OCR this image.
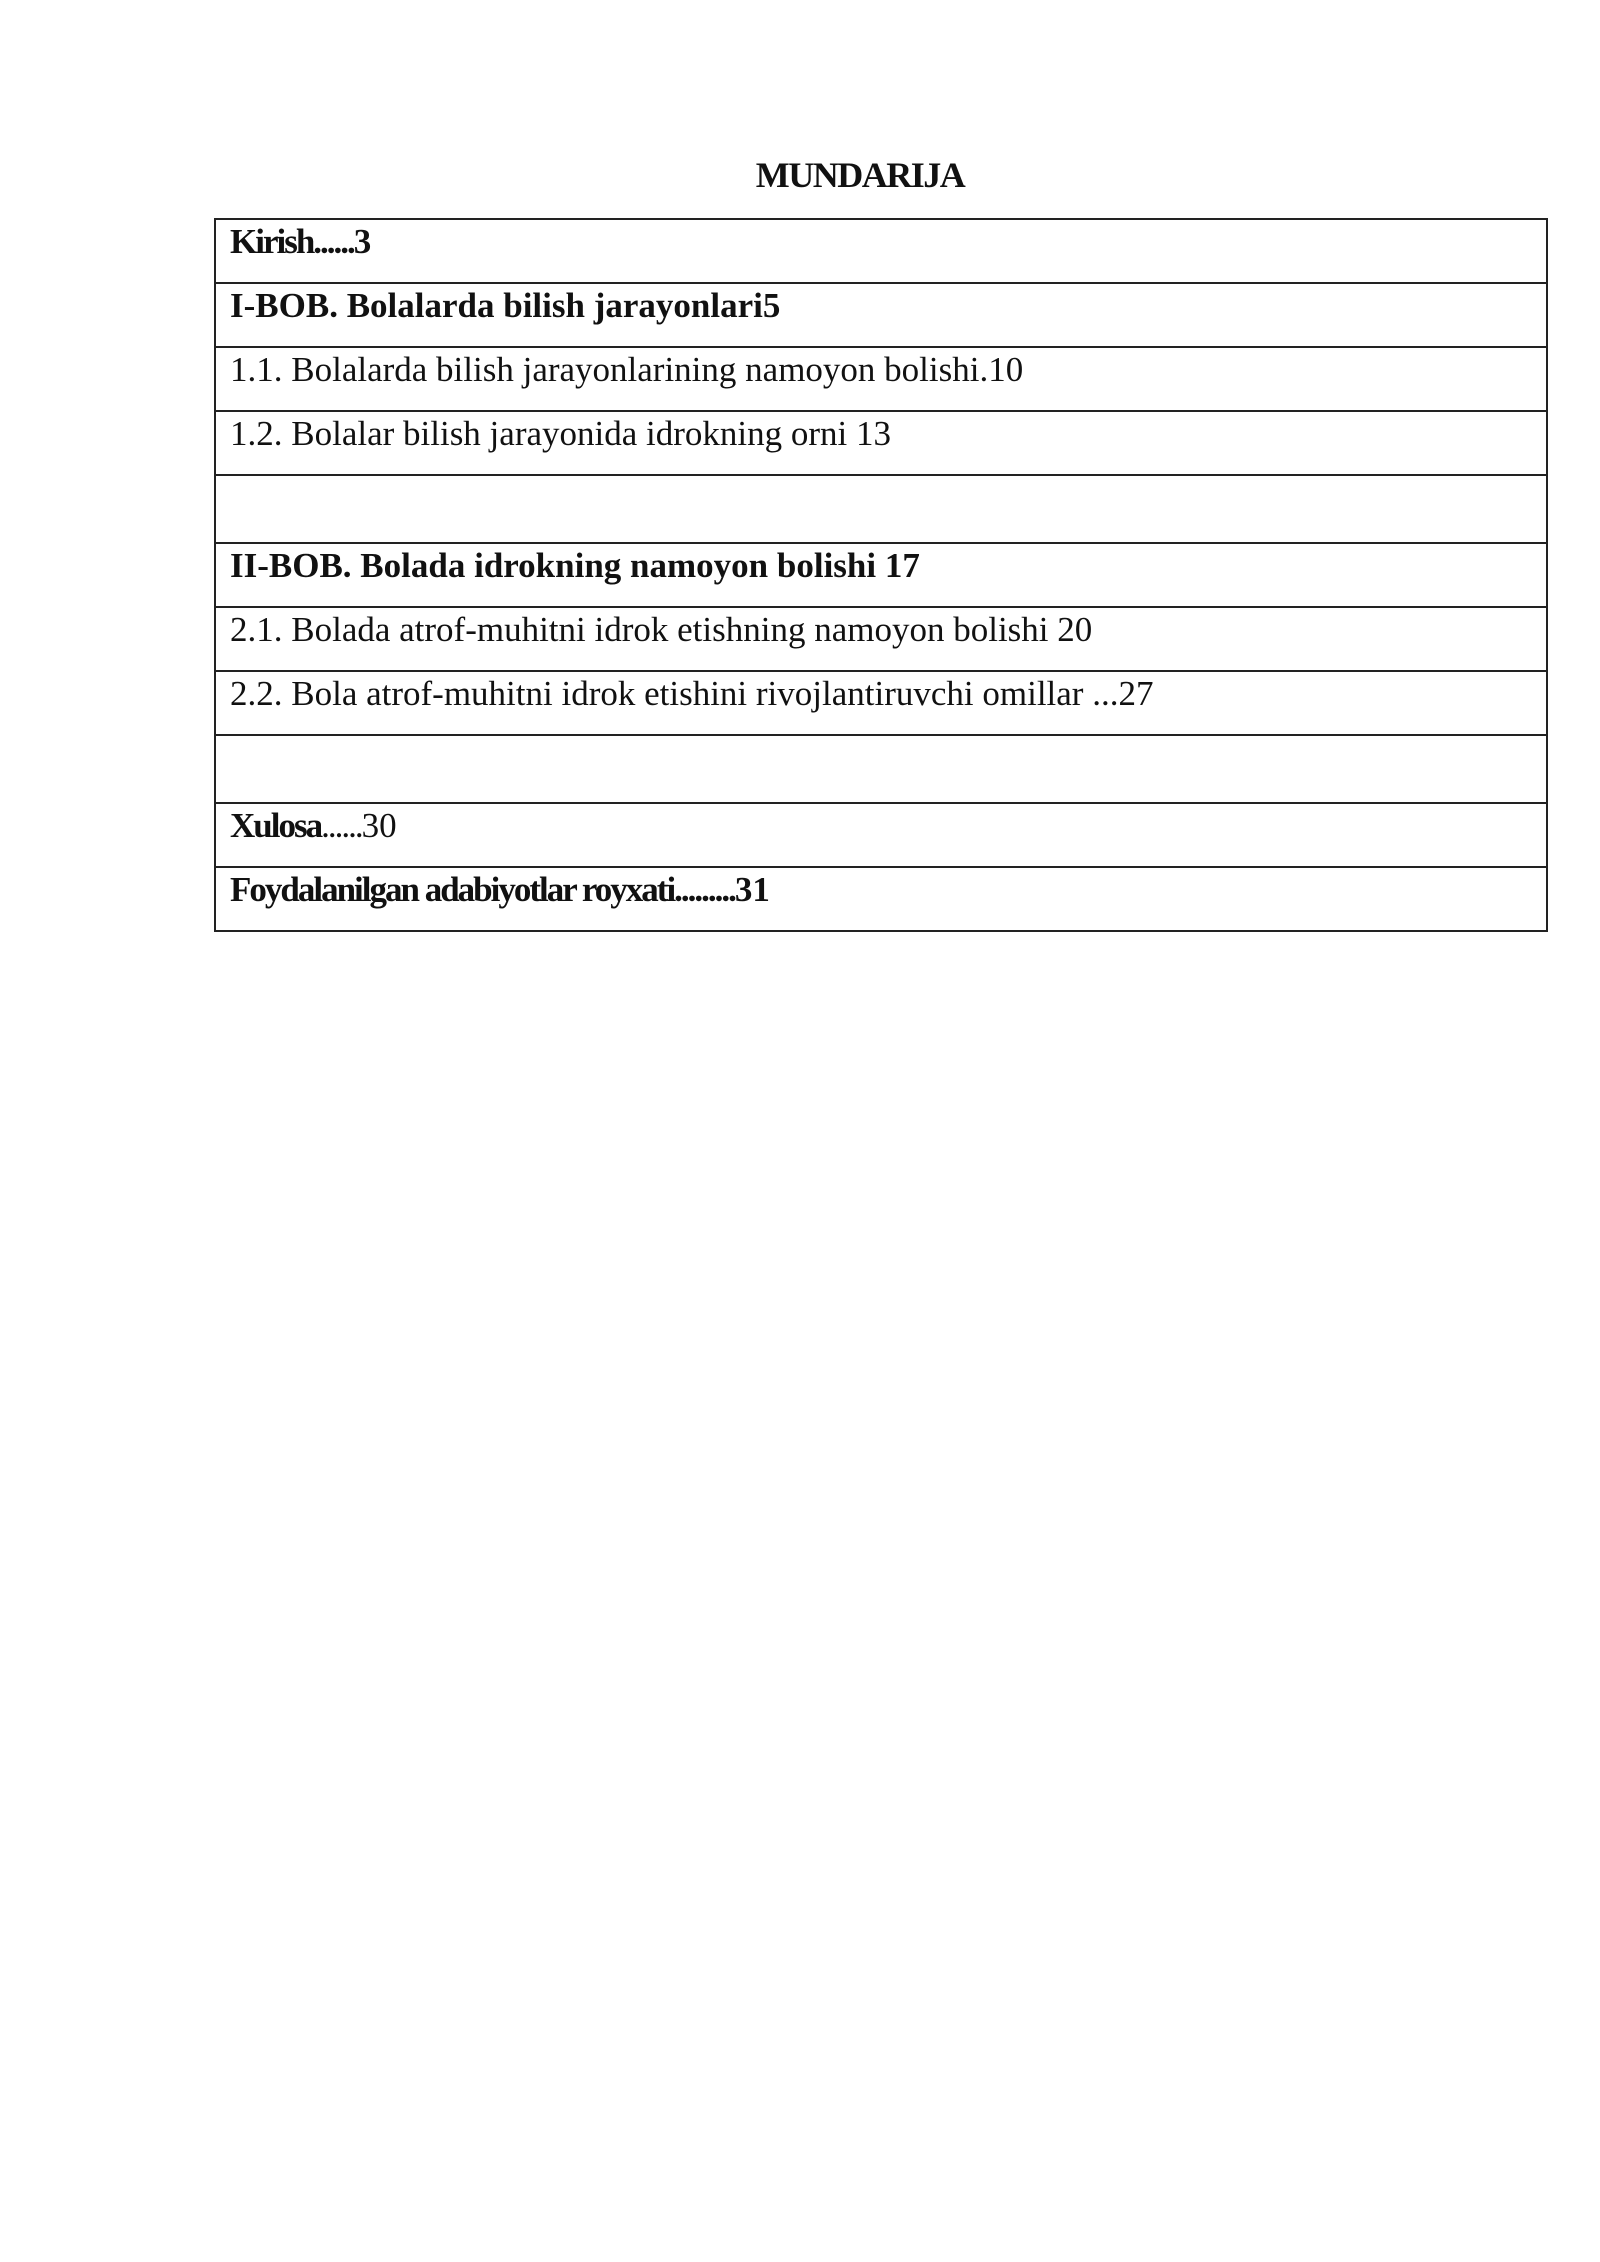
MUNDARIJA
Kirish......3
I-BOB. Bolalarda bilish jarayonlari5
1.1. Bolalarda bilish jarayonlarining namoyon bolishi.10
1.2. Bolalar bilish jarayonida idrokning orni 13

II-BOB. Bolada idrokning namoyon bolishi 17
2.1. Bolada atrof-muhitni idrok etishning namoyon bolishi 20
2.2. Bola atrof-muhitni idrok etishini rivojlantiruvchi omillar ...27

Xulosa......30
Foydalanilgan adabiyotlar royxati.........31
